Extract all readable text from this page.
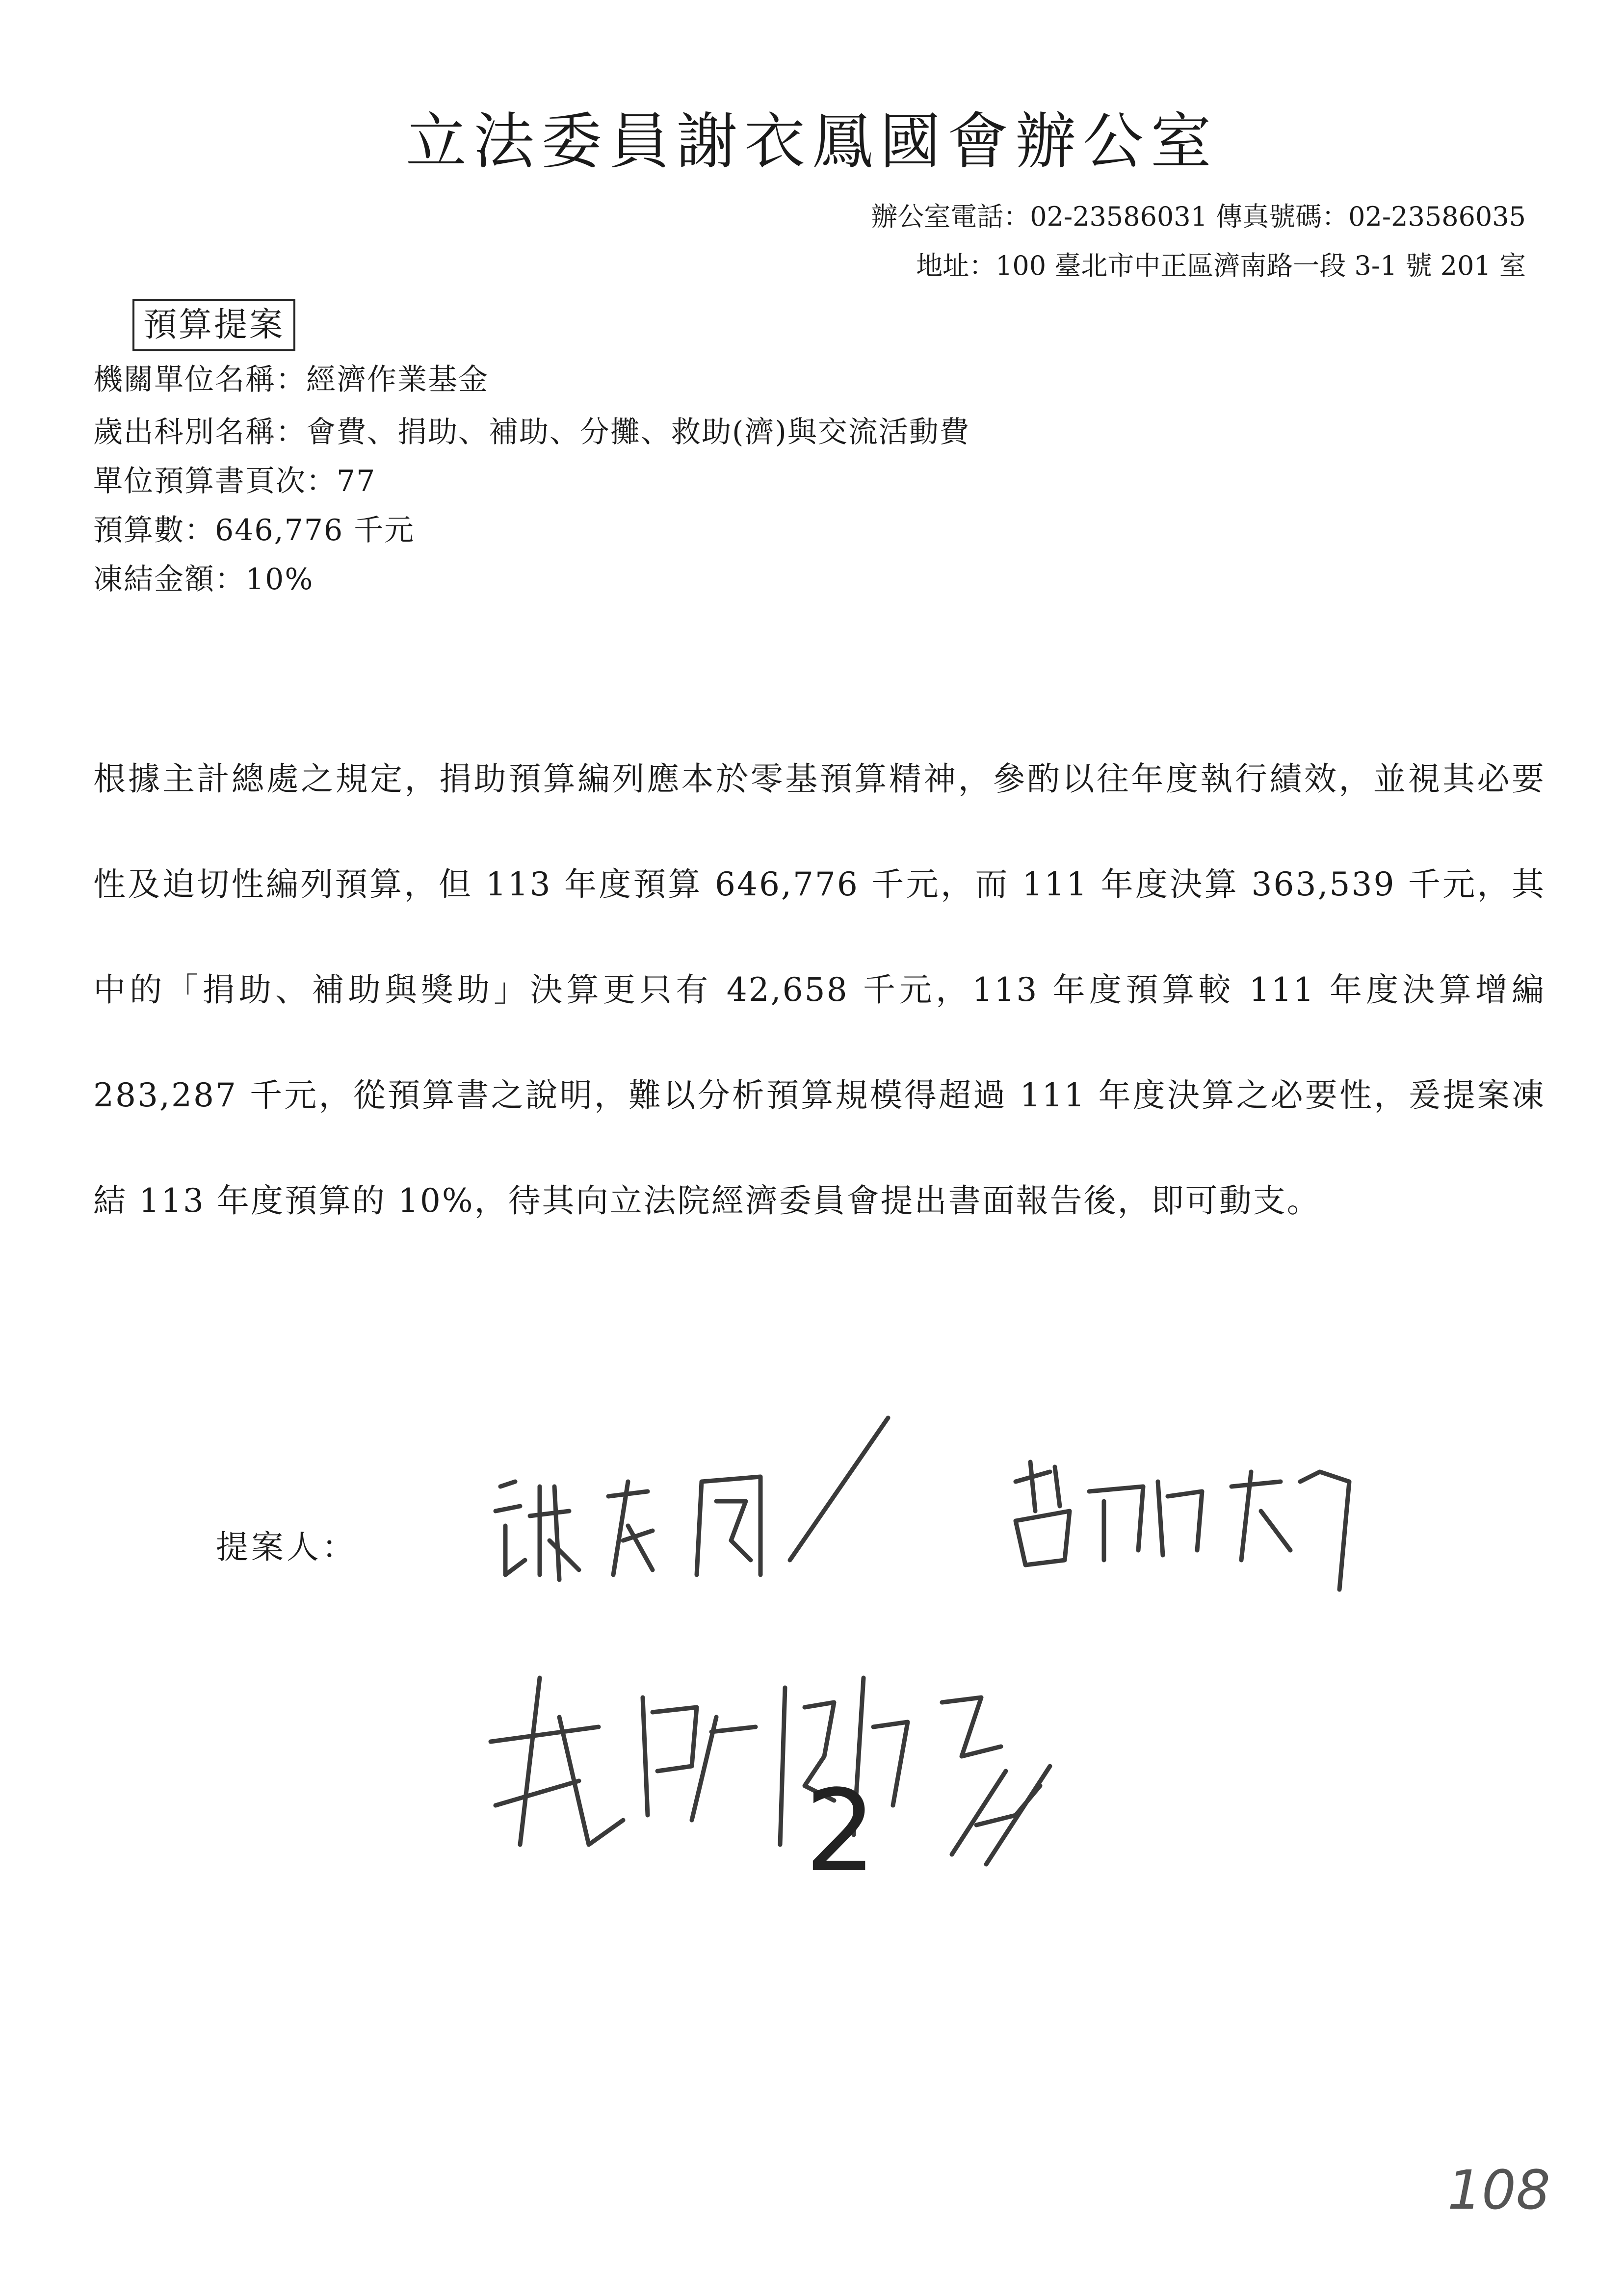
立法委員謝衣鳳國會辦公室
辦公室電話：02-23586031 傳真號碼：02-23586035
地址：100 臺北市中正區濟南路一段 3-1 號 201 室
預算提案
機關單位名稱：經濟作業基金
歲出科別名稱：會費、捐助、補助、分攤、救助(濟)與交流活動費
單位預算書頁次：77
預算數：646,776 千元
凍結金額：10%
根據主計總處之規定，捐助預算編列應本於零基預算精神，參酌以往年度執行績效，並視其必要性及迫切性編列預算，但 113 年度預算 646,776 千元，而 111 年度決算 363,539 千元，其中的「捐助、補助與獎助」決算更只有 42,658 千元，113 年度預算較 111 年度決算增編 283,287 千元，從預算書之說明，難以分析預算規模得超過 111 年度決算之必要性，爰提案凍結 113 年度預算的 10%，待其向立法院經濟委員會提出書面報告後，即可動支。
提案人：
2
108
